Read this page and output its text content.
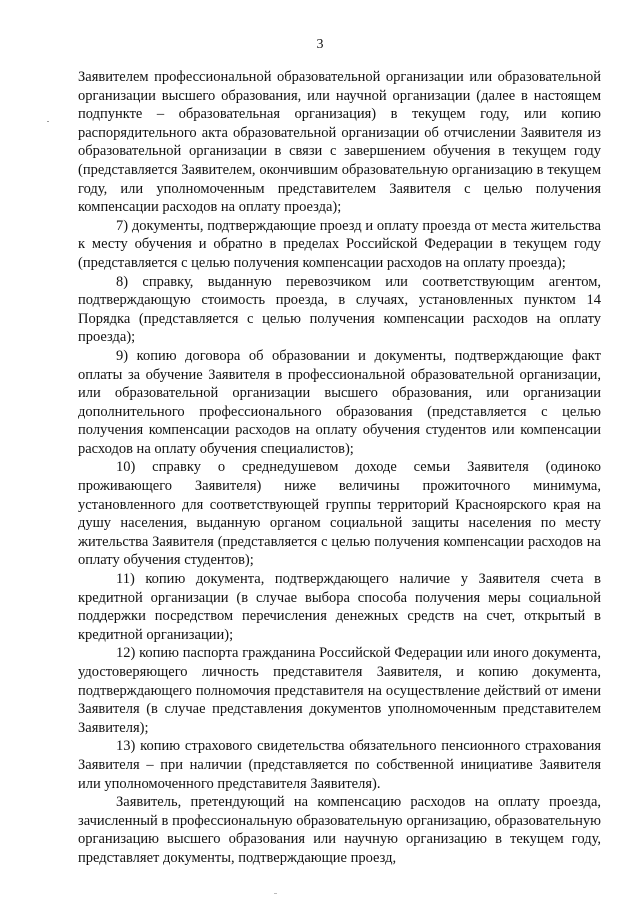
3

Заявителем профессиональной образовательной организации или образовательной организации высшего образования, или научной организации (далее в настоящем подпункте – образовательная организация) в текущем году, или копию распорядительного акта образовательной организации об отчислении Заявителя из образовательной организации в связи с завершением обучения в текущем году (представляется Заявителем, окончившим образовательную организацию в текущем году, или уполномоченным представителем Заявителя с целью получения компенсации расходов на оплату проезда);

7) документы, подтверждающие проезд и оплату проезда от места жительства к месту обучения и обратно в пределах Российской Федерации в текущем году (представляется с целью получения компенсации расходов на оплату проезда);

8) справку, выданную перевозчиком или соответствующим агентом, подтверждающую стоимость проезда, в случаях, установленных пунктом 14 Порядка (представляется с целью получения компенсации расходов на оплату проезда);

9) копию договора об образовании и документы, подтверждающие факт оплаты за обучение Заявителя в профессиональной образовательной организации, или образовательной организации высшего образования, или организации дополнительного профессионального образования (представляется с целью получения компенсации расходов на оплату обучения студентов или компенсации расходов на оплату обучения специалистов);

10) справку о среднедушевом доходе семьи Заявителя (одиноко проживающего Заявителя) ниже величины прожиточного минимума, установленного для соответствующей группы территорий Красноярского края на душу населения, выданную органом социальной защиты населения по месту жительства Заявителя (представляется с целью получения компенсации расходов на оплату обучения студентов);

11) копию документа, подтверждающего наличие у Заявителя счета в кредитной организации (в случае выбора способа получения меры социальной поддержки посредством перечисления денежных средств на счет, открытый в кредитной организации);

12) копию паспорта гражданина Российской Федерации или иного документа, удостоверяющего личность представителя Заявителя, и копию документа, подтверждающего полномочия представителя на осуществление действий от имени Заявителя (в случае представления документов уполномоченным представителем Заявителя);

13) копию страхового свидетельства обязательного пенсионного страхования Заявителя – при наличии (представляется по собственной инициативе Заявителя или уполномоченного представителя Заявителя).

Заявитель, претендующий на компенсацию расходов на оплату проезда, зачисленный в профессиональную образовательную организацию, образовательную организацию высшего образования или научную организацию в текущем году, представляет документы, подтверждающие проезд,
